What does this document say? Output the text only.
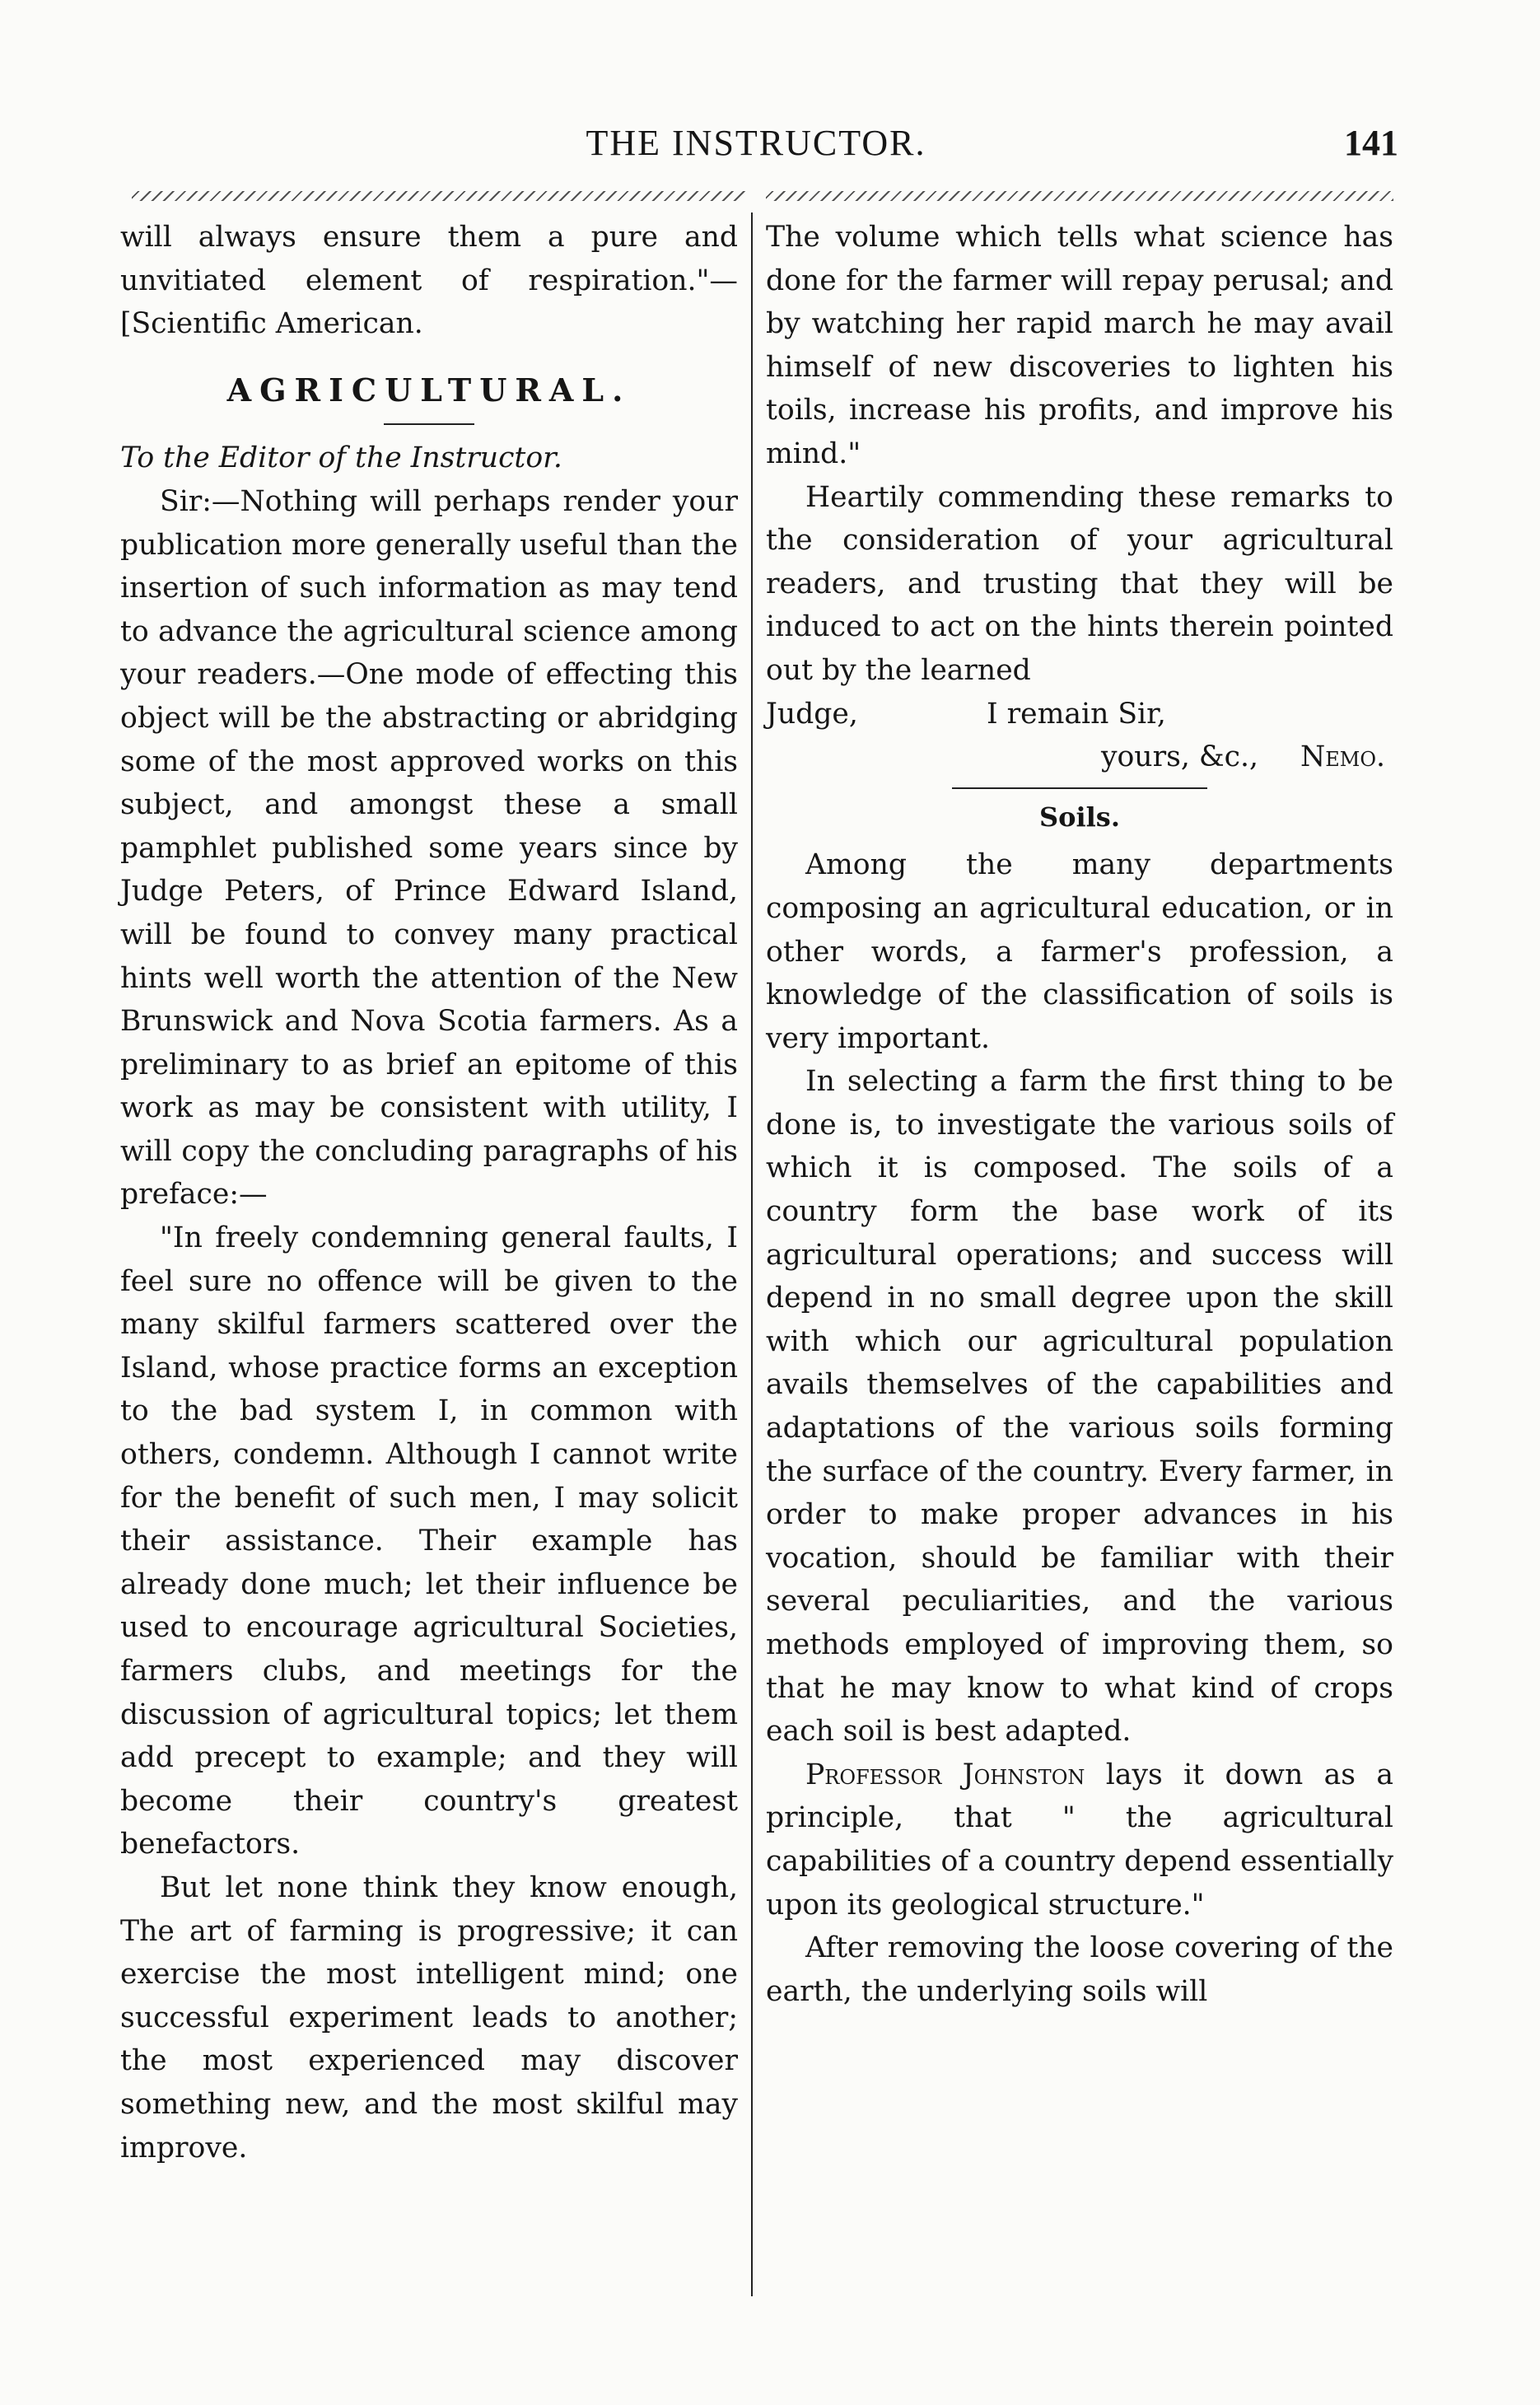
THE INSTRUCTOR.	141

will always ensure them a pure and unvitiated element of respiration."—[Scientific American.

AGRICULTURAL.

To the Editor of the Instructor.

Sir:—Nothing will perhaps render your publication more generally useful than the insertion of such information as may tend to advance the agricultural science among your readers.—One mode of effecting this object will be the abstracting or abridging some of the most approved works on this subject, and amongst these a small pamphlet published some years since by Judge Peters, of Prince Edward Island, will be found to convey many practical hints well worth the attention of the New Brunswick and Nova Scotia farmers. As a preliminary to as brief an epitome of this work as may be consistent with utility, I will copy the concluding paragraphs of his preface:—

"In freely condemning general faults, I feel sure no offence will be given to the many skilful farmers scattered over the Island, whose practice forms an exception to the bad system I, in common with others, condemn. Although I cannot write for the benefit of such men, I may solicit their assistance. Their example has already done much; let their influence be used to encourage agricultural Societies, farmers clubs, and meetings for the discussion of agricultural topics; let them add precept to example; and they will become their country's greatest benefactors.

But let none think they know enough, The art of farming is progressive; it can exercise the most intelligent mind; one successful experiment leads to another; the most experienced may discover something new, and the most skilful may improve.

The volume which tells what science has done for the farmer will repay perusal; and by watching her rapid march he may avail himself of new discoveries to lighten his toils, increase his profits, and improve his mind."

Heartily commending these remarks to the consideration of your agricultural readers, and trusting that they will be induced to act on the hints therein pointed out by the learned

Judge,	I remain Sir,
yours, &c., Nemo.
Soils.

Among the many departments composing an agricultural education, or in other words, a farmer's profession, a knowledge of the classification of soils is very important.

In selecting a farm the first thing to be done is, to investigate the various soils of which it is composed. The soils of a country form the base work of its agricultural operations; and success will depend in no small degree upon the skill with which our agricultural population avails themselves of the capabilities and adaptations of the various soils forming the surface of the country. Every farmer, in order to make proper advances in his vocation, should be familiar with their several peculiarities, and the various methods employed of improving them, so that he may know to what kind of crops each soil is best adapted.

Professor Johnston lays it down as a principle, that " the agricultural capabilities of a country depend essentially upon its geological structure."

After removing the loose covering of the earth, the underlying soils will
